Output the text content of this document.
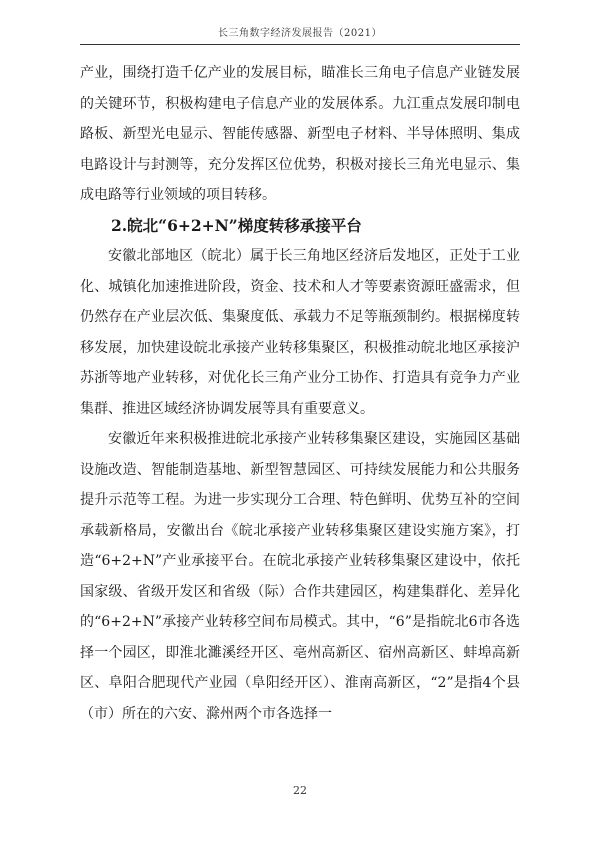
长三角数字经济发展报告（2021）

产业，围绕打造千亿产业的发展目标，瞄准长三角电子信息产业链发展的关键环节，积极构建电子信息产业的发展体系。九江重点发展印制电路板、新型光电显示、智能传感器、新型电子材料、半导体照明、集成电路设计与封测等，充分发挥区位优势，积极对接长三角光电显示、集成电路等行业领域的项目转移。

2.皖北“6+2+N”梯度转移承接平台

安徽北部地区（皖北）属于长三角地区经济后发地区，正处于工业化、城镇化加速推进阶段，资金、技术和人才等要素资源旺盛需求，但仍然存在产业层次低、集聚度低、承载力不足等瓶颈制约。根据梯度转移发展，加快建设皖北承接产业转移集聚区，积极推动皖北地区承接沪苏浙等地产业转移，对优化长三角产业分工协作、打造具有竞争力产业集群、推进区域经济协调发展等具有重要意义。

安徽近年来积极推进皖北承接产业转移集聚区建设，实施园区基础设施改造、智能制造基地、新型智慧园区、可持续发展能力和公共服务提升示范等工程。为进一步实现分工合理、特色鲜明、优势互补的空间承载新格局，安徽出台《皖北承接产业转移集聚区建设实施方案》，打造“6+2+N”产业承接平台。在皖北承接产业转移集聚区建设中，依托国家级、省级开发区和省级（际）合作共建园区，构建集群化、差异化的“6+2+N”承接产业转移空间布局模式。其中，“6”是指皖北6市各选择一个园区，即淮北濉溪经开区、亳州高新区、宿州高新区、蚌埠高新区、阜阳合肥现代产业园（阜阳经开区）、淮南高新区，“2”是指4个县（市）所在的六安、滁州两个市各选择一

22
